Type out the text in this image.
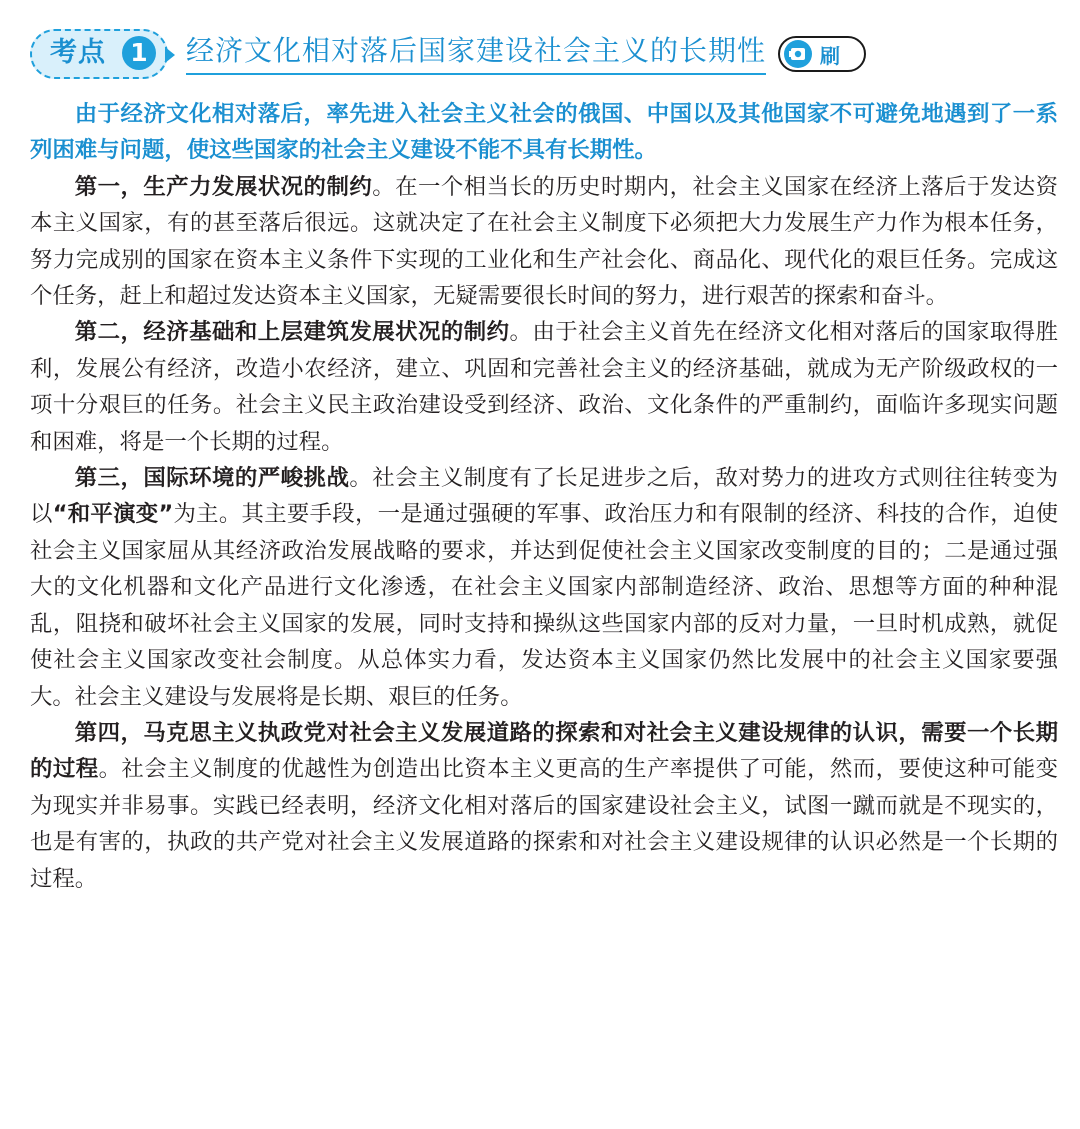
考点 1 经济文化相对落后国家建设社会主义的长期性	刷

由于经济文化相对落后，率先进入社会主义社会的俄国、中国以及其他国家不可避免地遇到了一系列困难与问题，使这些国家的社会主义建设不能不具有长期性。

第一，生产力发展状况的制约。在一个相当长的历史时期内，社会主义国家在经济上落后于发达资本主义国家，有的甚至落后很远。这就决定了在社会主义制度下必须把大力发展生产力作为根本任务，努力完成别的国家在资本主义条件下实现的工业化和生产社会化、商品化、现代化的艰巨任务。完成这个任务，赶上和超过发达资本主义国家，无疑需要很长时间的努力，进行艰苦的探索和奋斗。

第二，经济基础和上层建筑发展状况的制约。由于社会主义首先在经济文化相对落后的国家取得胜利，发展公有经济，改造小农经济，建立、巩固和完善社会主义的经济基础，就成为无产阶级政权的一项十分艰巨的任务。社会主义民主政治建设受到经济、政治、文化条件的严重制约，面临许多现实问题和困难，将是一个长期的过程。

第三，国际环境的严峻挑战。社会主义制度有了长足进步之后，敌对势力的进攻方式则往往转变为以“和平演变”为主。其主要手段，一是通过强硬的军事、政治压力和有限制的经济、科技的合作，迫使社会主义国家屈从其经济政治发展战略的要求，并达到促使社会主义国家改变制度的目的；二是通过强大的文化机器和文化产品进行文化渗透，在社会主义国家内部制造经济、政治、思想等方面的种种混乱，阻挠和破坏社会主义国家的发展，同时支持和操纵这些国家内部的反对力量，一旦时机成熟，就促使社会主义国家改变社会制度。从总体实力看，发达资本主义国家仍然比发展中的社会主义国家要强大。社会主义建设与发展将是长期、艰巨的任务。

第四，马克思主义执政党对社会主义发展道路的探索和对社会主义建设规律的认识，需要一个长期的过程。社会主义制度的优越性为创造出比资本主义更高的生产率提供了可能，然而，要使这种可能变为现实并非易事。实践已经表明，经济文化相对落后的国家建设社会主义，试图一蹴而就是不现实的，也是有害的，执政的共产党对社会主义发展道路的探索和对社会主义建设规律的认识必然是一个长期的过程。
